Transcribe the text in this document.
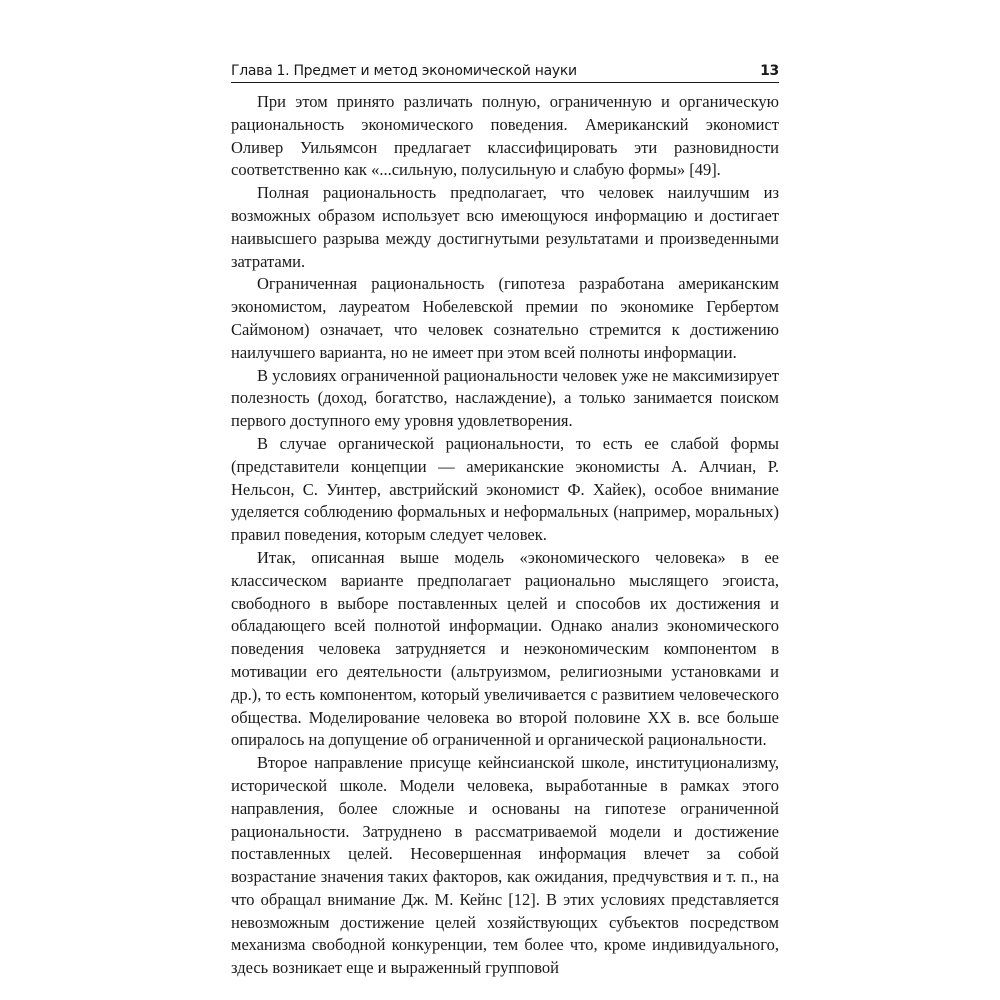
Глава 1. Предмет и метод экономической науки	13

При этом принято различать полную, ограниченную и органическую рациональность экономического поведения. Американский экономист Оливер Уильямсон предлагает классифицировать эти разновидности соответственно как «...сильную, полусильную и слабую формы» [49].

Полная рациональность предполагает, что человек наилучшим из возможных образом использует всю имеющуюся информацию и достигает наивысшего разрыва между достигнутыми результатами и произведенными затратами.

Ограниченная рациональность (гипотеза разработана американским экономистом, лауреатом Нобелевской премии по экономике Гербертом Саймоном) означает, что человек сознательно стремится к достижению наилучшего варианта, но не имеет при этом всей полноты информации.

В условиях ограниченной рациональности человек уже не максимизирует полезность (доход, богатство, наслаждение), а только занимается поиском первого доступного ему уровня удовлетворения.

В случае органической рациональности, то есть ее слабой формы (представители концепции — американские экономисты А. Алчиан, Р. Нельсон, С. Уинтер, австрийский экономист Ф. Хайек), особое внимание уделяется соблюдению формальных и неформальных (например, моральных) правил поведения, которым следует человек.

Итак, описанная выше модель «экономического человека» в ее классическом варианте предполагает рационально мыслящего эгоиста, свободного в выборе поставленных целей и способов их достижения и обладающего всей полнотой информации. Однако анализ экономического поведения человека затрудняется и неэкономическим компонентом в мотивации его деятельности (альтруизмом, религиозными установками и др.), то есть компонентом, который увеличивается с развитием человеческого общества. Моделирование человека во второй половине XX в. все больше опиралось на допущение об ограниченной и органической рациональности.

Второе направление присуще кейнсианской школе, институционализму, исторической школе. Модели человека, выработанные в рамках этого направления, более сложные и основаны на гипотезе ограниченной рациональности. Затруднено в рассматриваемой модели и достижение поставленных целей. Несовершенная информация влечет за собой возрастание значения таких факторов, как ожидания, предчувствия и т. п., на что обращал внимание Дж. М. Кейнс [12]. В этих условиях представляется невозможным достижение целей хозяйствующих субъектов посредством механизма свободной конкуренции, тем более что, кроме индивидуального, здесь возникает еще и выраженный групповой
